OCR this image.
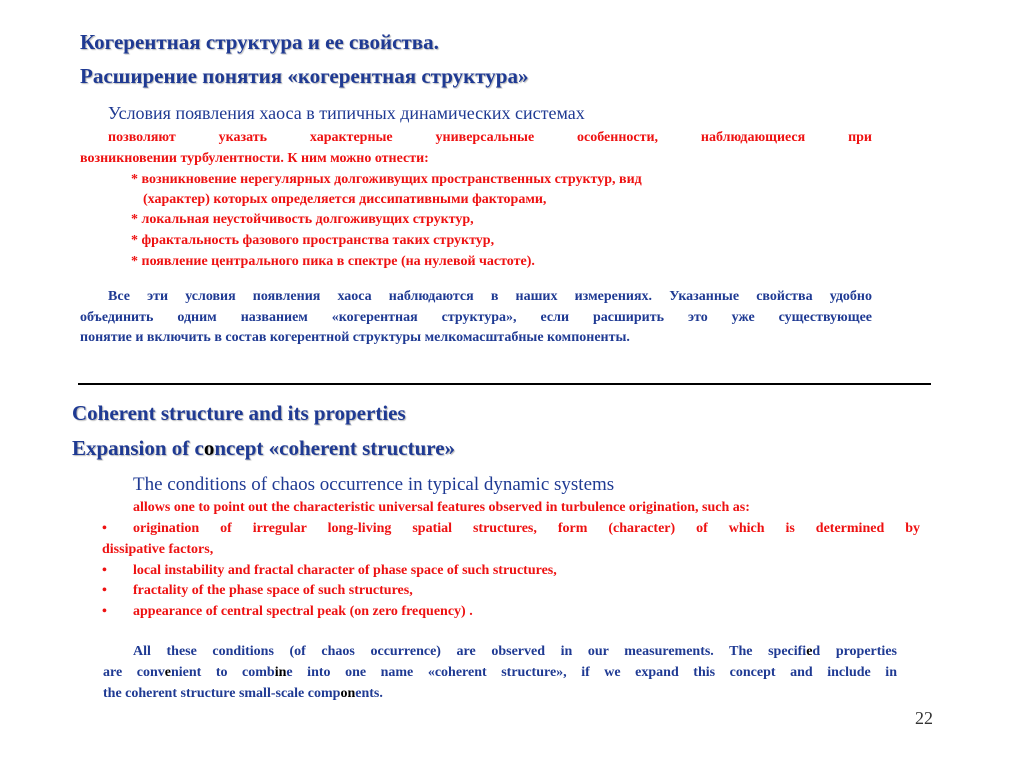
Когерентная структура и ее свойства.
Расширение понятия «когерентная структура»
Условия появления хаоса в типичных динамических системах
позволяют указать характерные универсальные особенности, наблюдающиеся при
возникновении турбулентности. К ним можно отнести:
* возникновение нерегулярных долгоживущих пространственных структур, вид
(характер) которых определяется диссипативными факторами,
* локальная неустойчивость долгоживущих структур,
* фрактальность фазового пространства таких структур,
* появление центрального пика в спектре (на нулевой частоте).
Все эти условия появления хаоса наблюдаются в наших измерениях. Указанные свойства удобно
объединить одним названием «когерентная структура», если расширить это уже существующее
понятие и включить в состав когерентной структуры мелкомасштабные компоненты.
Coherent structure and its properties
Expansion of concept «coherent structure»
The conditions of chaos occurrence in typical dynamic systems
allows one to point out the characteristic universal features observed in turbulence origination, such as:
• origination of irregular long-living spatial structures, form (character) of which is determined by
dissipative factors,
• local instability and fractal character of phase space of such structures,
• fractality of the phase space of such structures,
• appearance of central spectral peak (on zero frequency) .
All these conditions (of chaos occurrence) are observed in our measurements. The specified properties
are convenient to combine into one name «coherent structure», if we expand this concept and include in
the coherent structure small-scale components.
22
